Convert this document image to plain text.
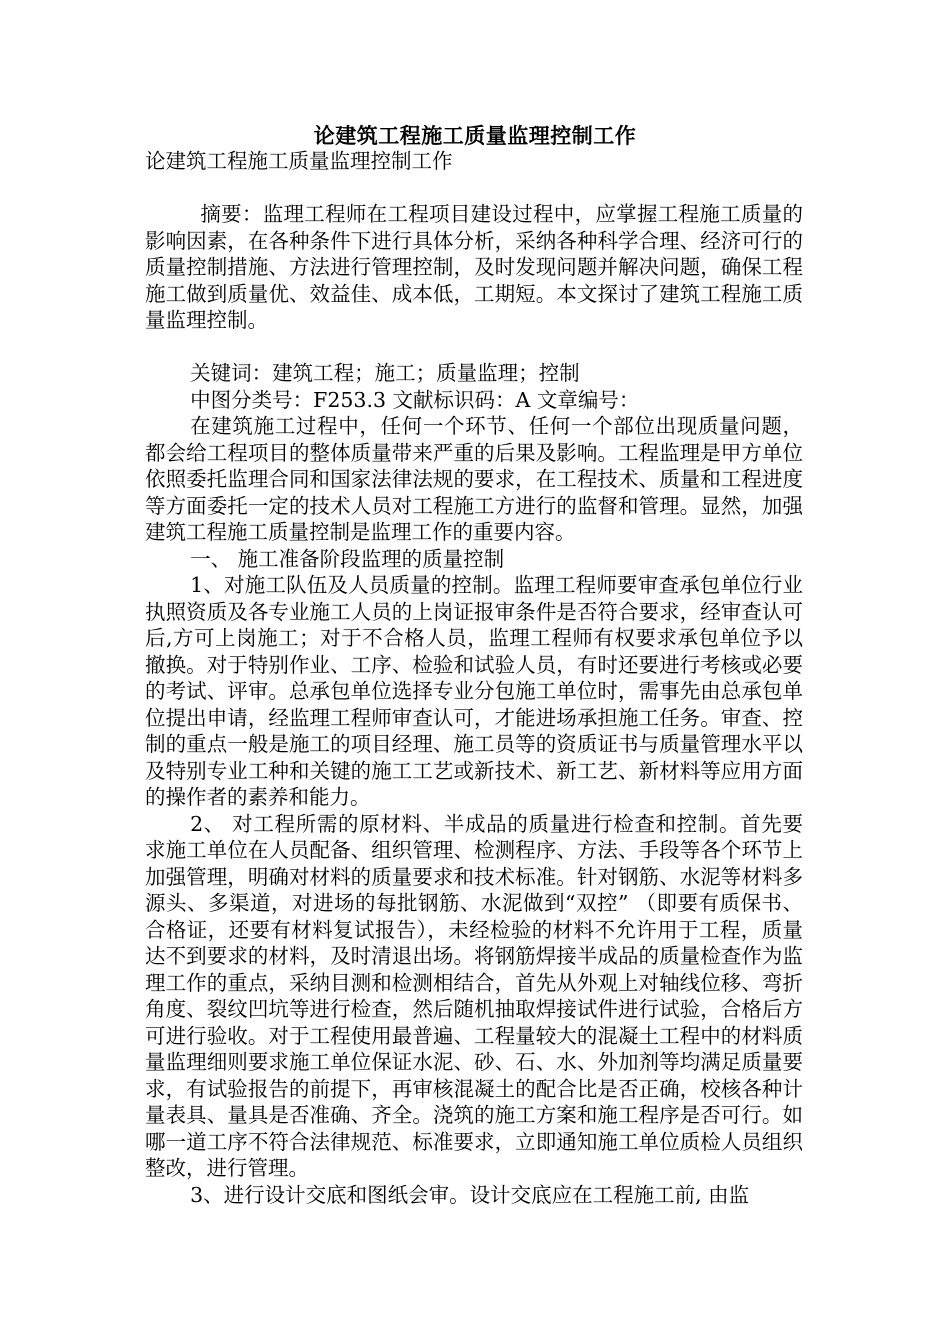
论建筑工程施工质量监理控制工作

论建筑工程施工质量监理控制工作

摘要：监理工程师在工程项目建设过程中，应掌握工程施工质量的影响因素，在各种条件下进行具体分析，采纳各种科学合理、经济可行的质量控制措施、方法进行管理控制，及时发现问题并解决问题，确保工程施工做到质量优、效益佳、成本低，工期短。本文探讨了建筑工程施工质量监理控制。

关键词：建筑工程；施工；质量监理；控制

中图分类号：F253.3 文献标识码：A 文章编号：

在建筑施工过程中，任何一个环节、任何一个部位出现质量问题，都会给工程项目的整体质量带来严重的后果及影响。工程监理是甲方单位依照委托监理合同和国家法律法规的要求，在工程技术、质量和工程进度等方面委托一定的技术人员对工程施工方进行的监督和管理。显然，加强建筑工程施工质量控制是监理工作的重要内容。

一、 施工准备阶段监理的质量控制

1、对施工队伍及人员质量的控制。监理工程师要审查承包单位行业执照资质及各专业施工人员的上岗证报审条件是否符合要求，经审查认可后,方可上岗施工；对于不合格人员，监理工程师有权要求承包单位予以撤换。对于特别作业、工序、检验和试验人员，有时还要进行考核或必要的考试、评审。总承包单位选择专业分包施工单位时，需事先由总承包单位提出申请，经监理工程师审查认可，才能进场承担施工任务。审查、控制的重点一般是施工的项目经理、施工员等的资质证书与质量管理水平以及特别专业工种和关键的施工工艺或新技术、新工艺、新材料等应用方面的操作者的素养和能力。

2、 对工程所需的原材料、半成品的质量进行检查和控制。首先要求施工单位在人员配备、组织管理、检测程序、方法、手段等各个环节上加强管理，明确对材料的质量要求和技术标准。针对钢筋、水泥等材料多源头、多渠道，对进场的每批钢筋、水泥做到“双控” （即要有质保书、合格证，还要有材料复试报告），未经检验的材料不允许用于工程，质量达不到要求的材料，及时清退出场。将钢筋焊接半成品的质量检查作为监理工作的重点，采纳目测和检测相结合，首先从外观上对轴线位移、弯折角度、裂纹凹坑等进行检查，然后随机抽取焊接试件进行试验，合格后方可进行验收。对于工程使用最普遍、工程量较大的混凝土工程中的材料质量监理细则要求施工单位保证水泥、砂、石、水、外加剂等均满足质量要求，有试验报告的前提下，再审核混凝土的配合比是否正确，校核各种计量表具、量具是否准确、齐全。浇筑的施工方案和施工程序是否可行。如哪一道工序不符合法律规范、标准要求，立即通知施工单位质检人员组织整改，进行管理。

3、进行设计交底和图纸会审。设计交底应在工程施工前, 由监
